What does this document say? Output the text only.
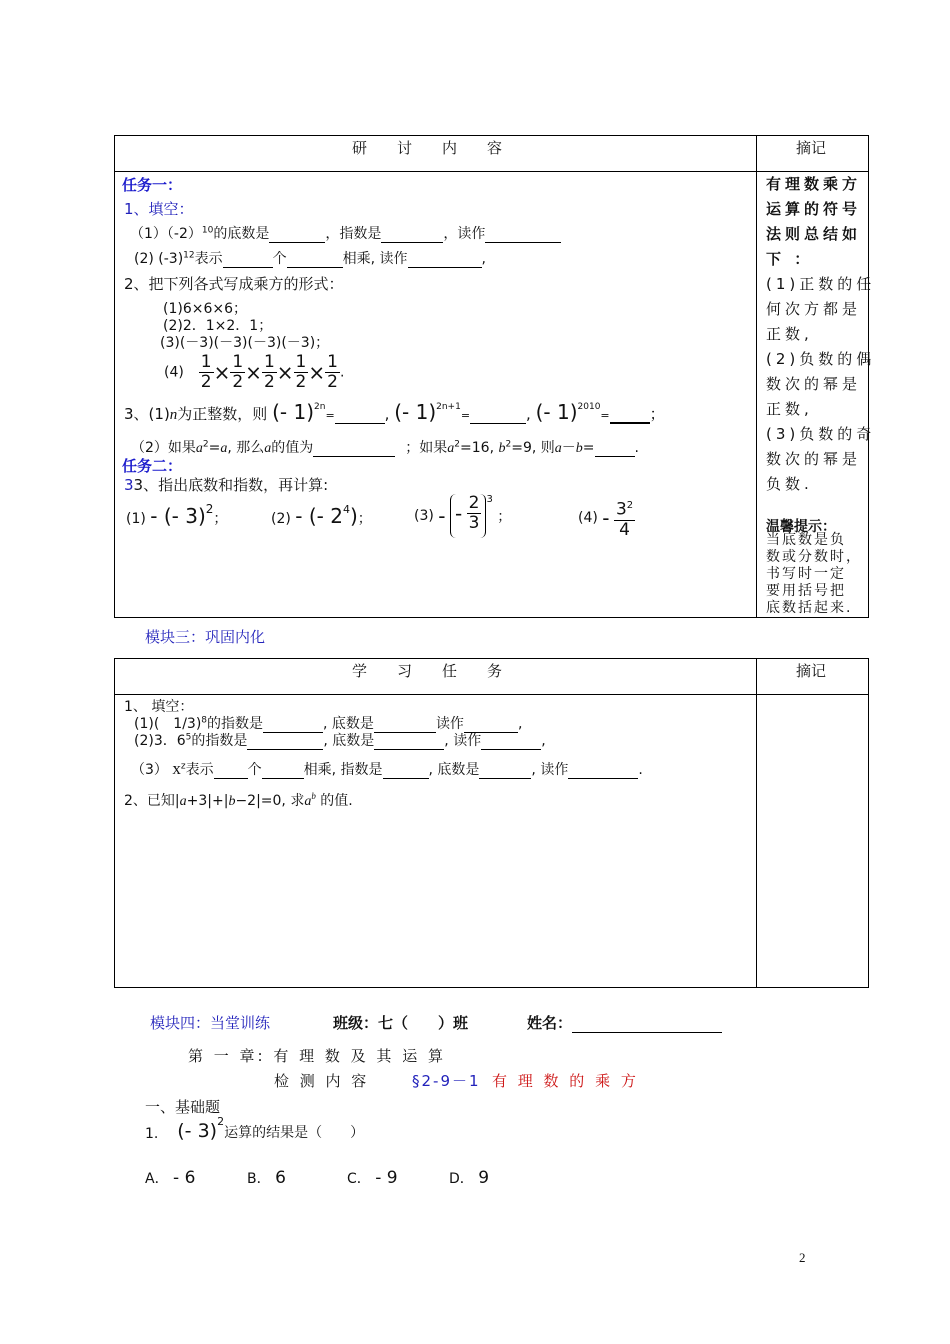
研　　讨　　内　　容	摘记
任务一：
1、填空：
$(1)(-2)^{10}$的底数是	，指数是	，读作
(2) $(-3)^{12}$表示	个	相乘, 读作	,
2、把下列各式写成乘方的形式：
(1)6×6×6；
(2)2．1×2．1；
(3)(－3)(－3)(－3)(－3)；
$(4) \frac{1}{2} \times \frac{1}{2} \times \frac{1}{2} \times \frac{1}{2} \times \frac{1}{2}$ .
3、(1)n为正整数，则 (- 1)$^{2n}$=	, (- 1)$^{2n+1}$=	, (- 1)$^{2010}$=	；
（2）如果$a^2=a$, 那么a的值为	；如果$a^2=16$, $b^2=9$, 则a－b=	.
任务二：
33、指出底数和指数，再计算:
(1) - (- 3)$^2$；	(2) - (- $2^4$)；	(3) - - $\frac{2}{3} ^3$ ；	$(4) - \frac{3^2}{4}$
有理数乘方
运算的符号
法则总结如
下 ：
(1)正数的任
何次方都是
正数,
(2)负数的偶
数次的幂是
正数,
(3)负数的奇
数次的幂是
负数.
温馨提示：
当底数是负
数或分数时，
书写时一定
要用括号把
底数括起来.
模块三：巩固内化
学　　习　　任　　务	摘记
1、 填空：
(1)(　1/3)$^8$的指数是	, 底数是	读作	,
(2)3．$6^5$的指数是	, 底数是	, 读作	,
（3） $x^z$表示 个	相乘, 指数是	, 底数是	, 读作	.
2、已知|a+3|+|b−2|=0, 求$a^b$ 的值.
模块四：当堂训练	班级：七（　　）班	姓名：
第 一 章: 有 理 数 及 其 运 算
检 测 内 容	§2-9－1 有 理 数 的 乘 方
一、基础题
1. (- 3)$^2$运算的结果是（　　）
A． - 6	B． 6	C． - 9	D． 9
2
